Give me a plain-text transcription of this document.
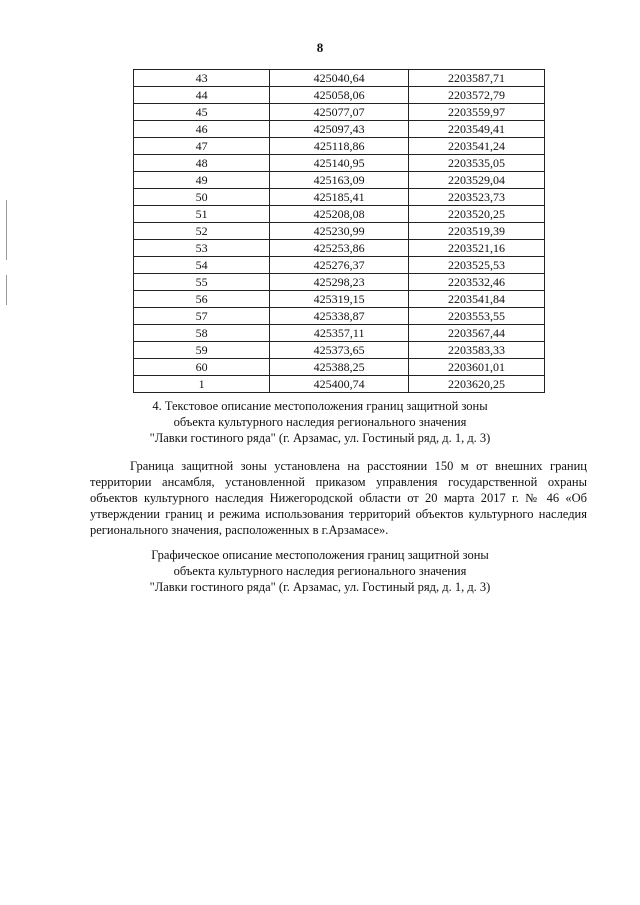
8
43	425040,64	2203587,71
44	425058,06	2203572,79
45	425077,07	2203559,97
46	425097,43	2203549,41
47	425118,86	2203541,24
48	425140,95	2203535,05
49	425163,09	2203529,04
50	425185,41	2203523,73
51	425208,08	2203520,25
52	425230,99	2203519,39
53	425253,86	2203521,16
54	425276,37	2203525,53
55	425298,23	2203532,46
56	425319,15	2203541,84
57	425338,87	2203553,55
58	425357,11	2203567,44
59	425373,65	2203583,33
60	425388,25	2203601,01
1	425400,74	2203620,25
4. Текстовое описание местоположения границ защитной зоны
объекта культурного наследия регионального значения
"Лавки гостиного ряда" (г. Арзамас, ул. Гостиный ряд, д. 1, д. 3)
Граница защитной зоны установлена на расстоянии 150 м от внешних границ
территории ансамбля, установленной приказом управления государственной охраны
объектов культурного наследия Нижегородской области от 20 марта 2017 г. № 46 «Об
утверждении границ и режима использования территорий объектов культурного наследия
регионального значения, расположенных в г.Арзамасе».
Графическое описание местоположения границ защитной зоны
объекта культурного наследия регионального значения
"Лавки гостиного ряда" (г. Арзамас, ул. Гостиный ряд, д. 1, д. 3)
